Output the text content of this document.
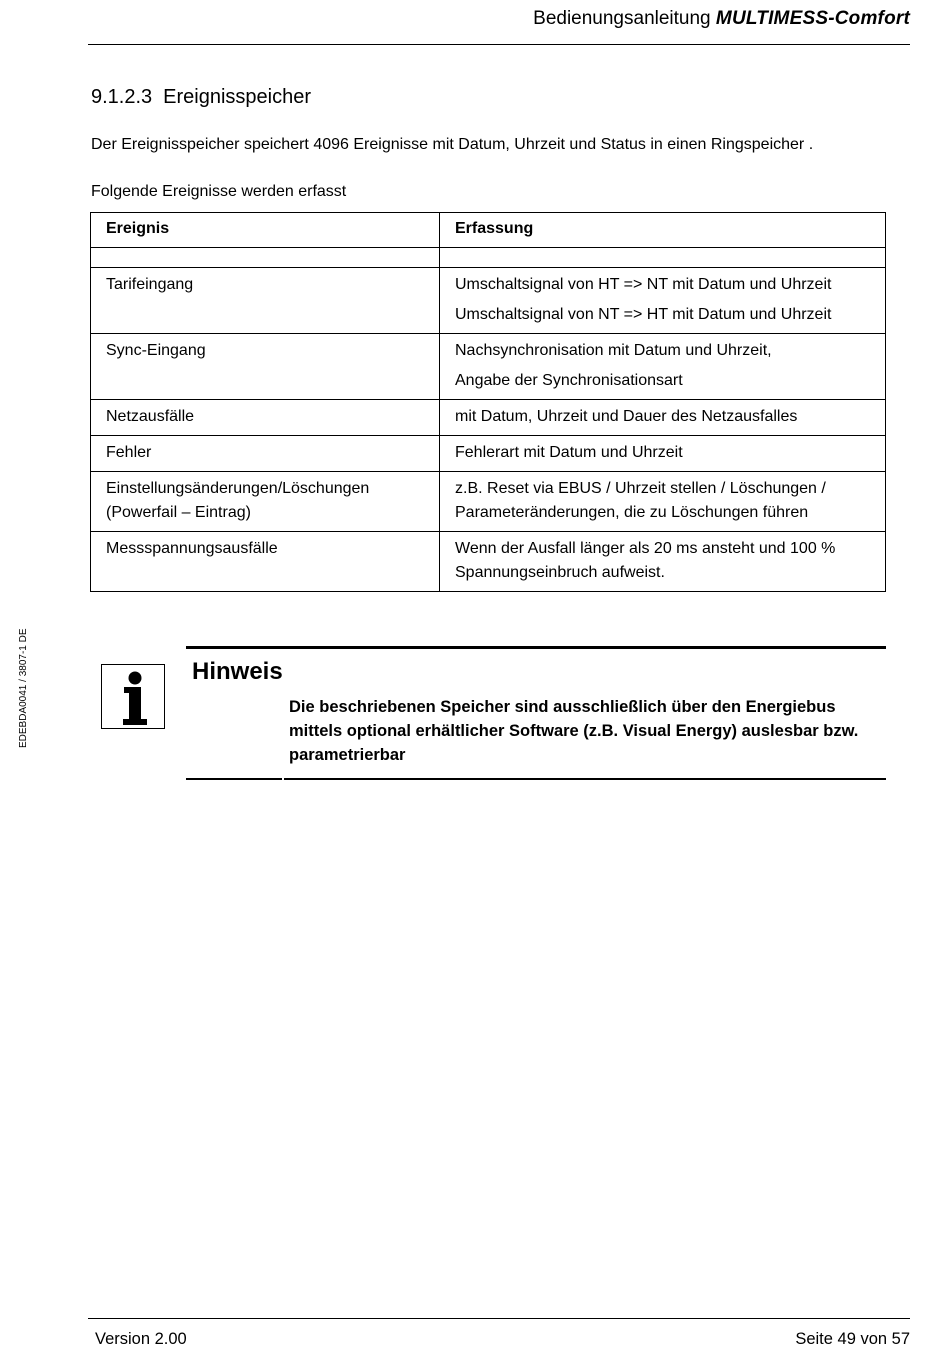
Bedienungsanleitung MULTIMESS-Comfort
9.1.2.3 Ereignisspeicher
Der Ereignisspeicher speichert 4096 Ereignisse mit Datum, Uhrzeit und Status in einen Ringspeicher .
Folgende Ereignisse werden erfasst
Ereignis	Erfassung

Tarifeingang	Umschaltsignal von HT => NT mit Datum und Uhrzeit
Umschaltsignal von NT => HT mit Datum und Uhrzeit

Sync-Eingang	Nachsynchronisation mit Datum und Uhrzeit,
Angabe der Synchronisationsart

Netzausfälle	mit Datum, Uhrzeit und Dauer des Netzausfalles

Fehler	Fehlerart mit Datum und Uhrzeit

Einstellungsänderungen/Löschungen
(Powerfail – Eintrag)	z.B. Reset via EBUS / Uhrzeit stellen / Löschungen /
Parameteränderungen, die zu Löschungen führen

Messspannungsausfälle	Wenn der Ausfall länger als 20 ms ansteht und 100 %
Spannungseinbruch aufweist.
EDEBDA0041 / 3807-1 DE	Hinweis
Die beschriebenen Speicher sind ausschließlich über den Energiebus
mittels optional erhältlicher Software (z.B. Visual Energy) auslesbar bzw.
parametrierbar
Version 2.00	Seite 49 von 57
